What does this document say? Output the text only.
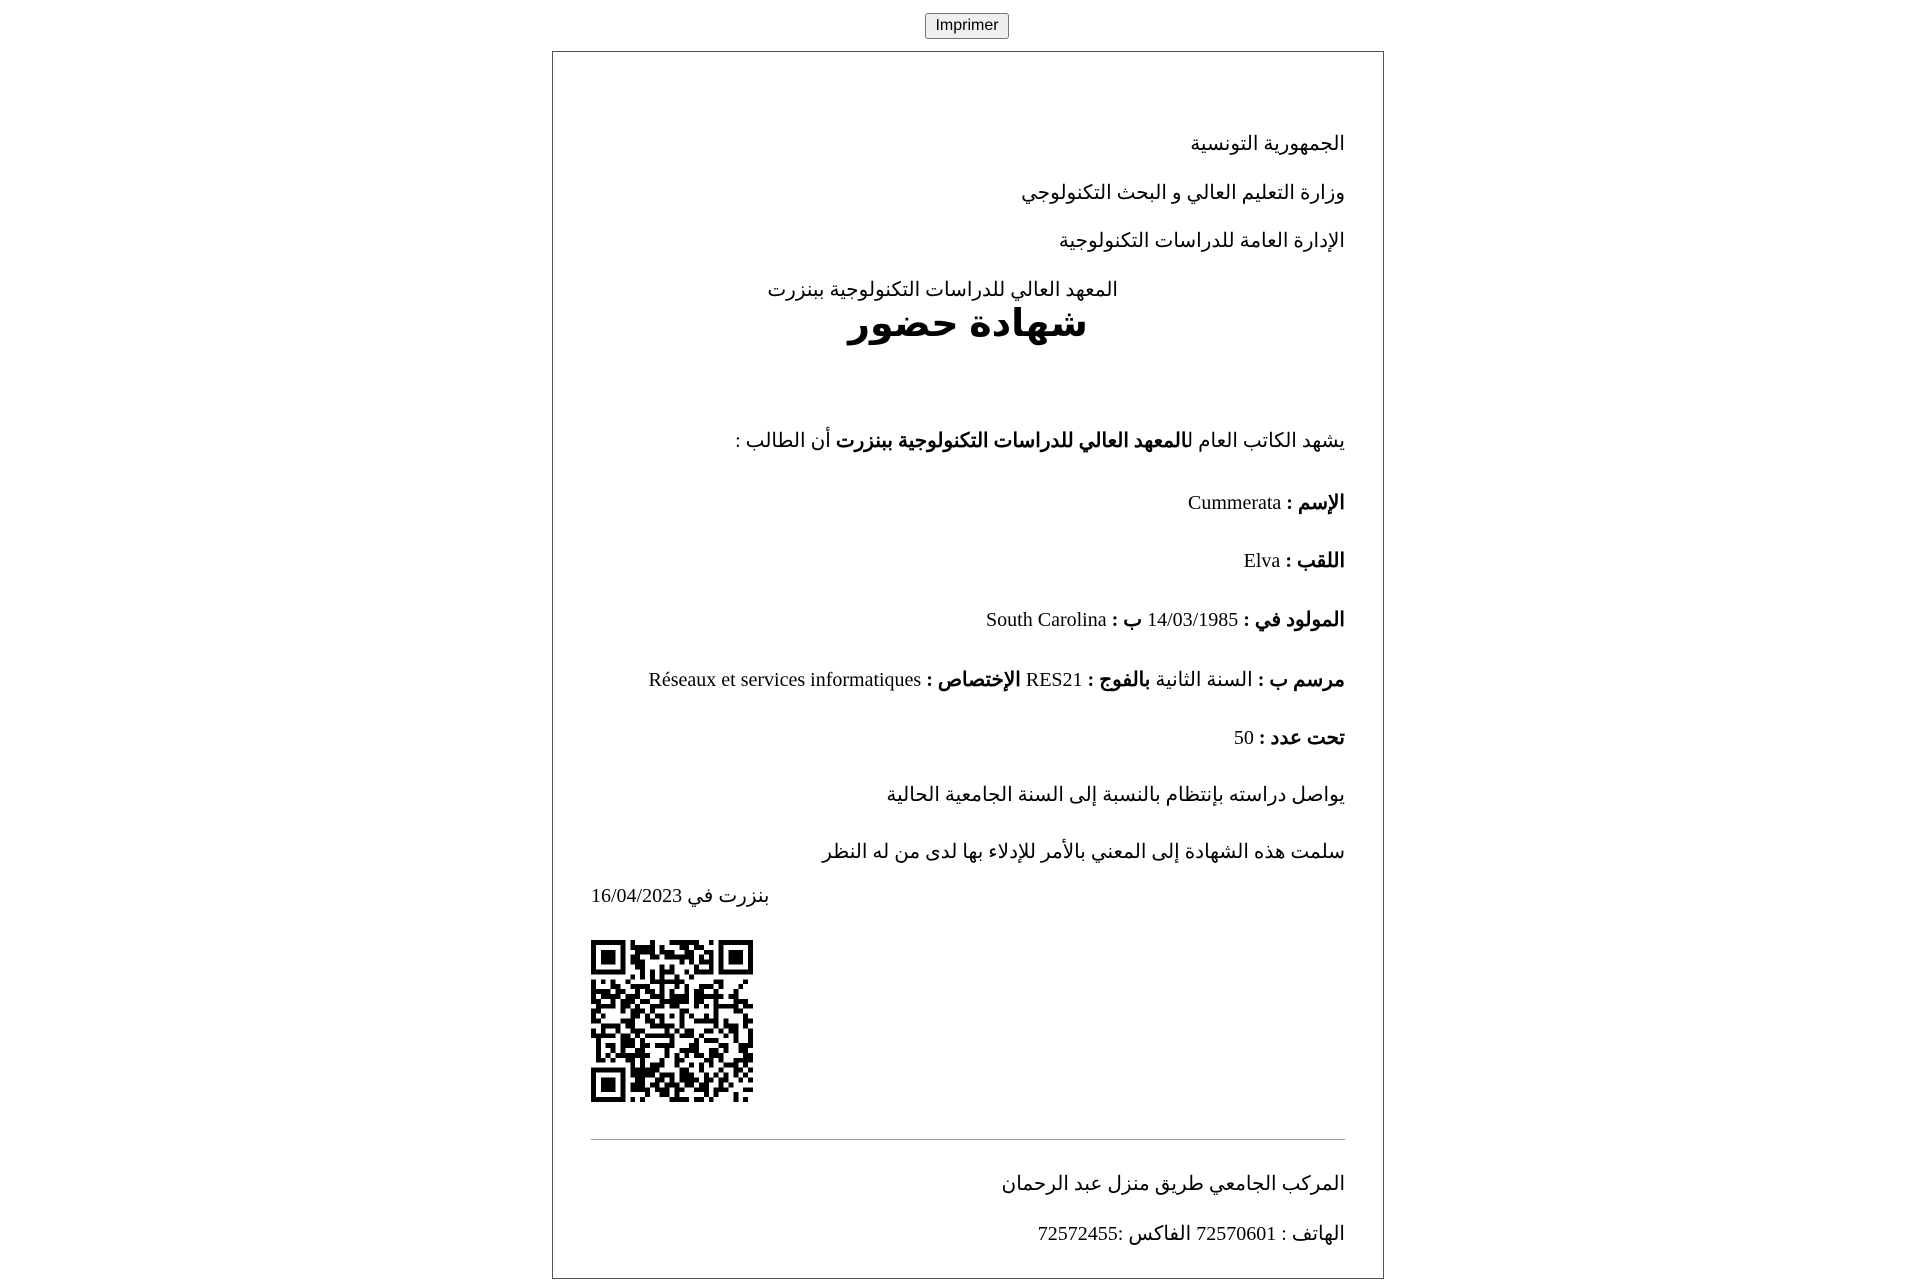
Imprimer
الجمهورية التونسية
وزارة التعليم العالي و البحث التكنولوجي
الإدارة العامة للدراسات التكنولوجية
المعهد العالي للدراسات التكنولوجية ببنزرت
شهادة حضور
يشهد الكاتب العام لالمعهد العالي للدراسات التكنولوجية ببنزرت أن الطالب :
الإسم : Cummerata
اللقب : Elva
المولود في : 14/03/1985 ب : South Carolina
مرسم ب : السنة الثانية بالفوج : RES21 الإختصاص : Réseaux et services informatiques
تحت عدد : 50
يواصل دراسته بإنتظام بالنسبة إلى السنة الجامعية الحالية
سلمت هذه الشهادة إلى المعني بالأمر للإدلاء بها لدى من له النظر
بنزرت في 16/04/2023
المركب الجامعي طريق منزل عبد الرحمان
الهاتف : 72570601 الفاكس :72572455
